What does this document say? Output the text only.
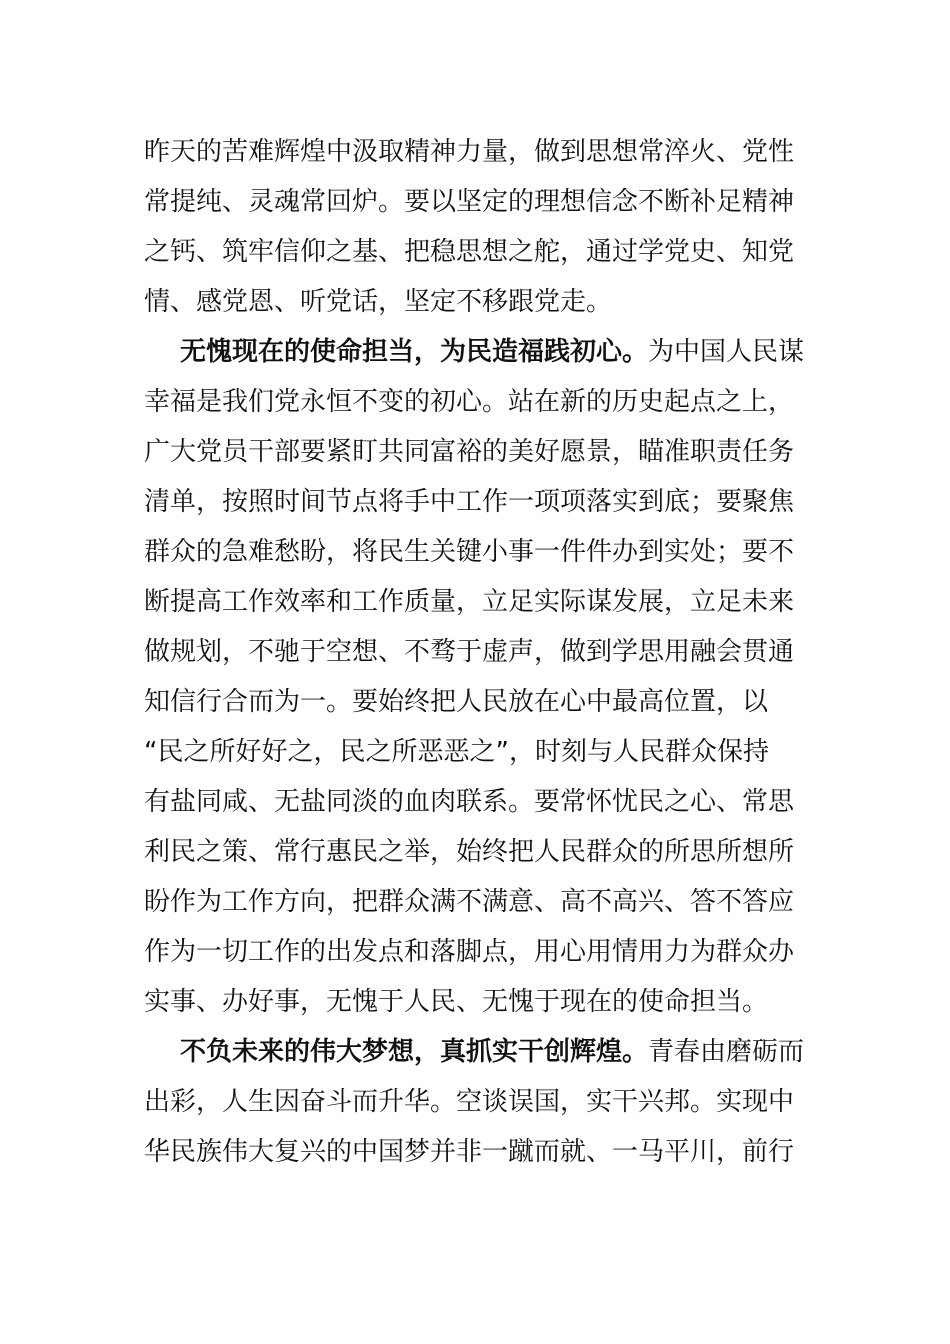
昨天的苦难辉煌中汲取精神力量，做到思想常淬火、党性
常提纯、灵魂常回炉。要以坚定的理想信念不断补足精神
之钙、筑牢信仰之基、把稳思想之舵，通过学党史、知党
情、感党恩、听党话，坚定不移跟党走。
无愧现在的使命担当，为民造福践初心。为中国人民谋
幸福是我们党永恒不变的初心。站在新的历史起点之上，
广大党员干部要紧盯共同富裕的美好愿景，瞄准职责任务
清单，按照时间节点将手中工作一项项落实到底；要聚焦
群众的急难愁盼，将民生关键小事一件件办到实处；要不
断提高工作效率和工作质量，立足实际谋发展，立足未来
做规划，不驰于空想、不骛于虚声，做到学思用融会贯通
知信行合而为一。要始终把人民放在心中最高位置，以
“民之所好好之，民之所恶恶之”，时刻与人民群众保持
有盐同咸、无盐同淡的血肉联系。要常怀忧民之心、常思
利民之策、常行惠民之举，始终把人民群众的所思所想所
盼作为工作方向，把群众满不满意、高不高兴、答不答应
作为一切工作的出发点和落脚点，用心用情用力为群众办
实事、办好事，无愧于人民、无愧于现在的使命担当。
不负未来的伟大梦想，真抓实干创辉煌。青春由磨砺而
出彩，人生因奋斗而升华。空谈误国，实干兴邦。实现中
华民族伟大复兴的中国梦并非一蹴而就、一马平川，前行
